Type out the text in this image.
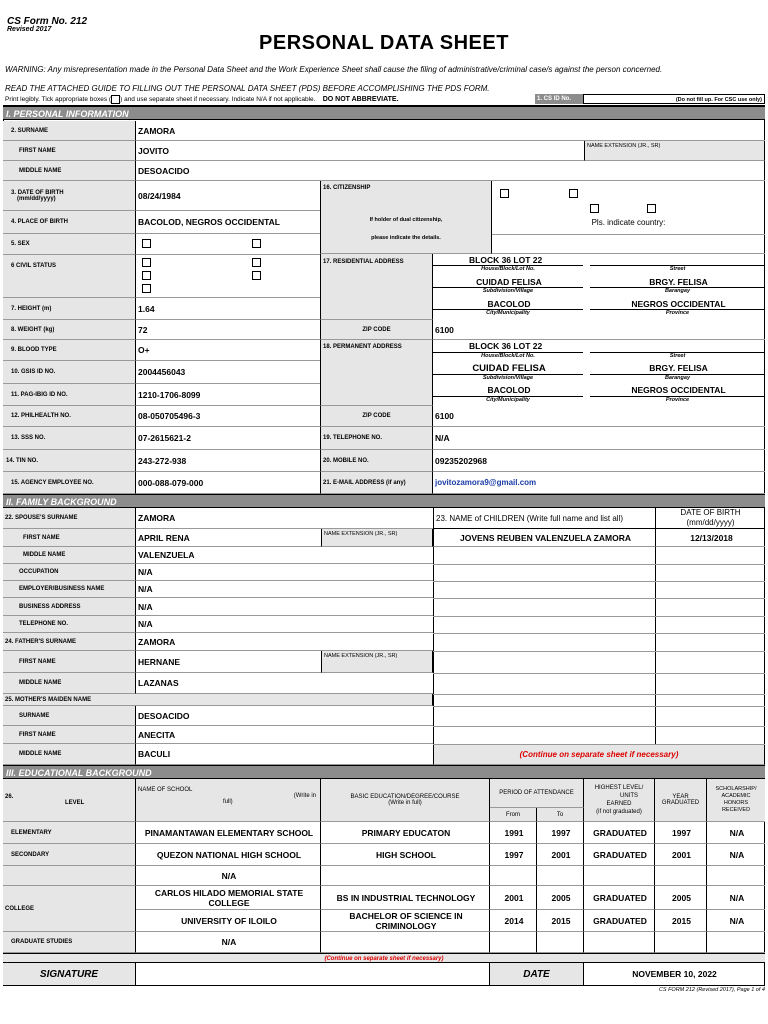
CS Form No. 212
Revised 2017
PERSONAL DATA SHEET
WARNING: Any misrepresentation made in the Personal Data Sheet and the Work Experience Sheet shall cause the filing of administrative/criminal case/s against the person concerned.
READ THE ATTACHED GUIDE TO FILLING OUT THE PERSONAL DATA SHEET (PDS) BEFORE ACCOMPLISHING THE PDS FORM.
Print legibly. Tick appropriate boxes ( ) and use separate sheet if necessary. Indicate N/A if not applicable. DO NOT ABBREVIATE.	1. CS ID No.	(Do not fill up. For CSC use only)
I. PERSONAL INFORMATION
2. SURNAME	ZAMORA
FIRST NAME	JOVITO	NAME EXTENSION (JR., SR)
MIDDLE NAME	DESOACIDO
3. DATE OF BIRTH
(mm/dd/yyyy)	08/24/1984
16. CITIZENSHIP
If holder of dual citizenship,
please indicate the details.
Pls. indicate country:
4. PLACE OF BIRTH	BACOLOD, NEGROS OCCIDENTAL
5. SEX
6 CIVIL STATUS
17. RESIDENTIAL ADDRESS	BLOCK 36 LOT 22
House/Block/Lot No.	Street
CUIDAD FELISA	BRGY. FELISA
Subdivision/Village	Barangay
BACOLOD	NEGROS OCCIDENTAL
City/Municipality	Province
7. HEIGHT (m)	1.64
8. WEIGHT (kg)	72	ZIP CODE	6100
9. BLOOD TYPE	O+	18. PERMANENT ADDRESS	BLOCK 36 LOT 22
House/Block/Lot No.	Street
CUIDAD FELISA	BRGY. FELISA
Subdivision/Village	Barangay
BACOLOD	NEGROS OCCIDENTAL
City/Municipality	Province
10. GSIS ID NO.	2004456043
11. PAG-IBIG ID NO.	1210-1706-8099
12. PHILHEALTH NO.	08-050705496-3	ZIP CODE	6100
13. SSS NO.	07-2615621-2	19. TELEPHONE NO.	N/A
14. TIN NO.	243-272-938	20. MOBILE NO.	09235202968
15. AGENCY EMPLOYEE NO.	000-088-079-000	21. E-MAIL ADDRESS (if any)	jovitozamora9@gmail.com
II. FAMILY BACKGROUND
22. SPOUSE'S SURNAME	ZAMORA	23. NAME of CHILDREN (Write full name and list all)
DATE OF BIRTH
(mm/dd/yyyy)
FIRST NAME	APRIL RENA	NAME EXTENSION (JR., SR)	JOVENS REUBEN VALENZUELA ZAMORA	12/13/2018
MIDDLE NAME	VALENZUELA
OCCUPATION	N/A
EMPLOYER/BUSINESS NAME	N/A
BUSINESS ADDRESS	N/A
TELEPHONE NO.	N/A
24. FATHER'S SURNAME	ZAMORA
FIRST NAME	HERNANE
NAME EXTENSION (JR., SR)
MIDDLE NAME	LAZANAS
25. MOTHER'S MAIDEN NAME
SURNAME	DESOACIDO
FIRST NAME	ANECITA
MIDDLE NAME	BACULI	(Continue on separate sheet if necessary)
III. EDUCATIONAL BACKGROUND
26.
LEVEL
NAME OF SCHOOL
(Write in
full)
BASIC EDUCATION/DEGREE/COURSE
(Write in full)
PERIOD OF ATTENDANCE
From	To
HIGHEST LEVEL/
UNITS
EARNED
(if not graduated)
YEAR
GRADUATED
SCHOLARSHIP/
ACADEMIC
HONORS
RECEIVED
ELEMENTARY	PINAMANTAWAN ELEMENTARY SCHOOL	PRIMARY EDUCATON	1991	1997	GRADUATED	1997	N/A
SECONDARY	QUEZON NATIONAL HIGH SCHOOL	HIGH SCHOOL	1997	2001	GRADUATED	2001	N/A
N/A
COLLEGE
CARLOS HILADO MEMORIAL STATE COLLEGE	BS IN INDUSTRIAL TECHNOLOGY	2001	2005	GRADUATED	2005	N/A
UNIVERSITY OF ILOILO	BACHELOR OF SCIENCE IN CRIMINOLOGY	2014	2015	GRADUATED	2015	N/A
GRADUATE STUDIES	N/A
(Continue on separate sheet if necessary)
SIGNATURE	DATE	NOVEMBER 10, 2022
CS FORM 212 (Revised 2017), Page 1 of 4
